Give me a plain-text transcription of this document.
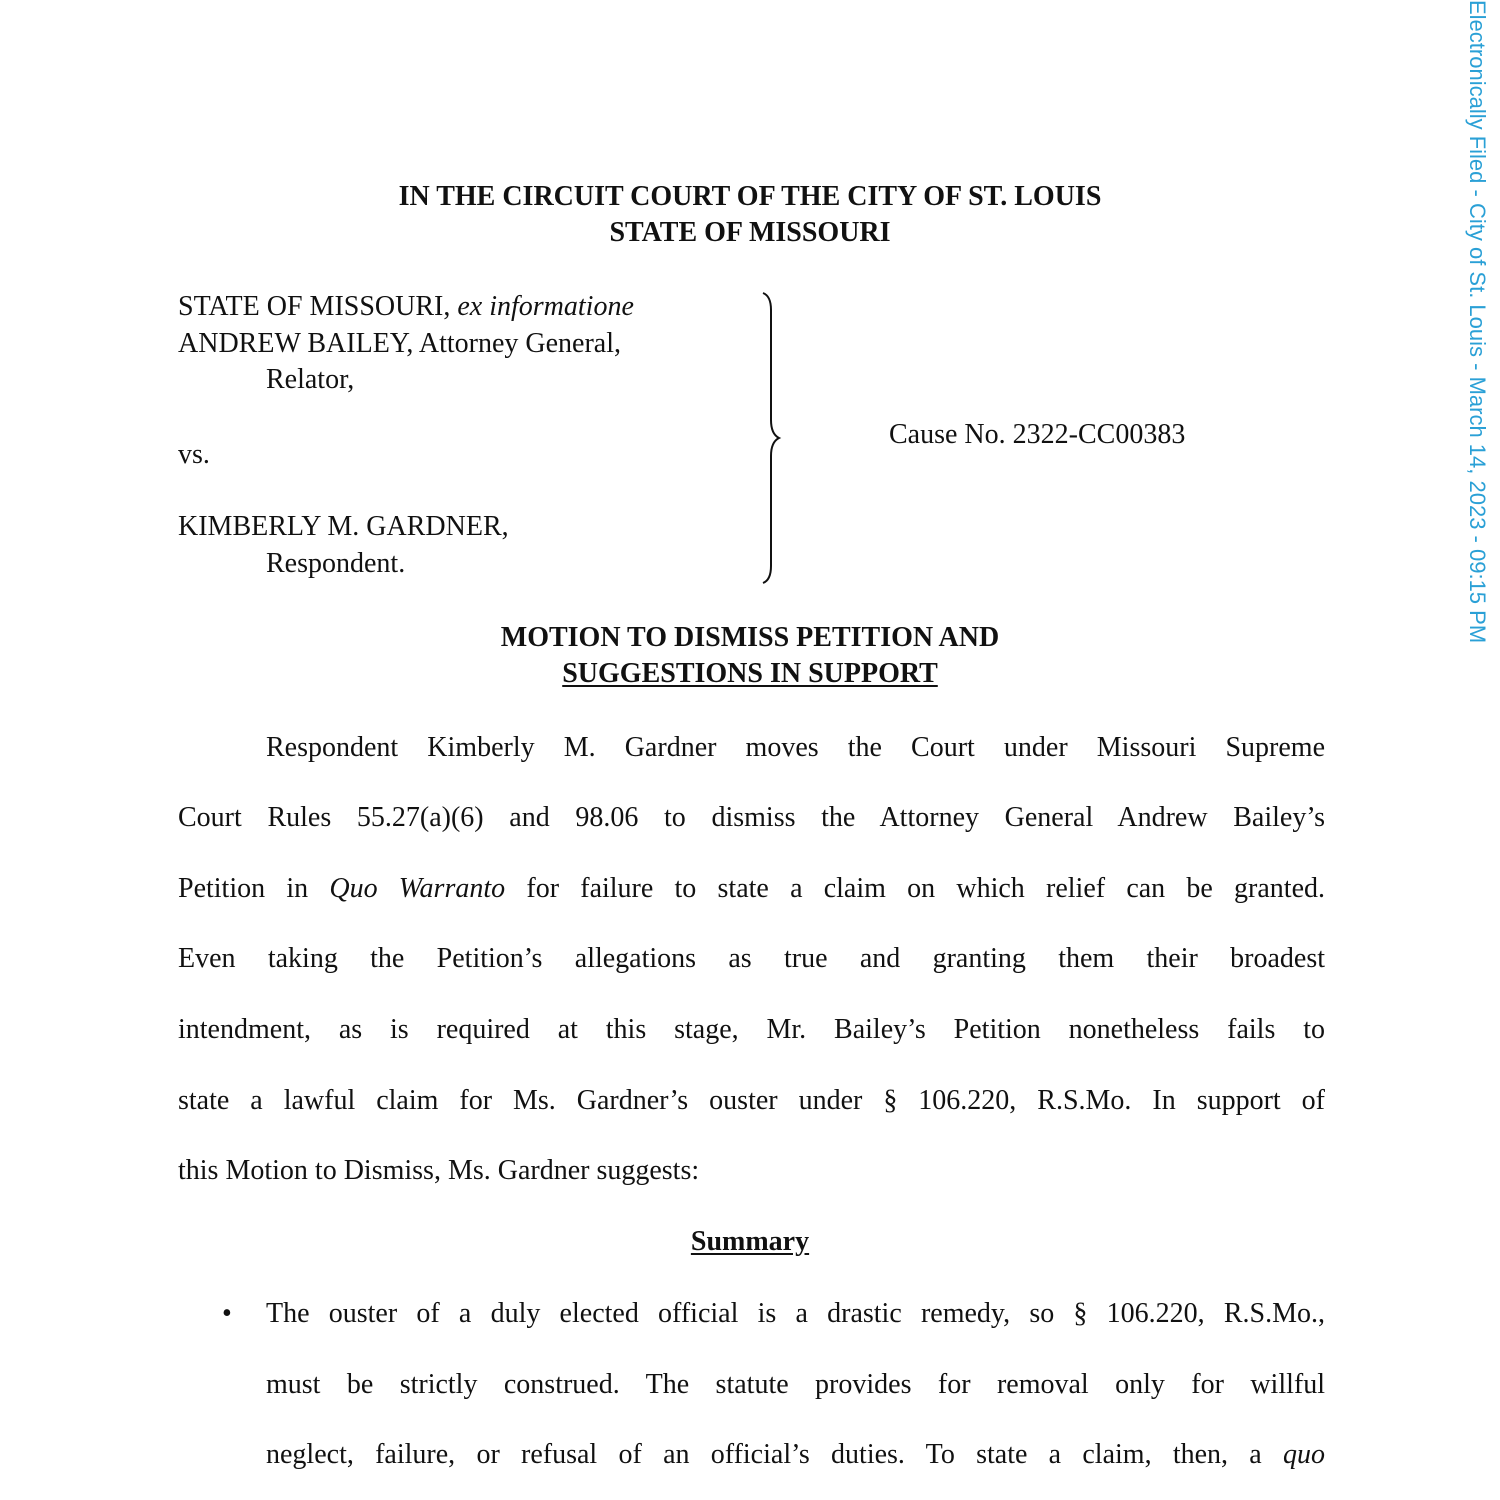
Electronically Filed - City of St. Louis - March 14, 2023 - 09:15 PM
IN THE CIRCUIT COURT OF THE CITY OF ST. LOUIS
STATE OF MISSOURI
STATE OF MISSOURI, ex informatione
ANDREW BAILEY, Attorney General,
Relator,
vs.
KIMBERLY M. GARDNER,
Respondent.
Cause No. 2322-CC00383
MOTION TO DISMISS PETITION AND
SUGGESTIONS IN SUPPORT
Respondent Kimberly M. Gardner moves the Court under Missouri Supreme
Court Rules 55.27(a)(6) and 98.06 to dismiss the Attorney General Andrew Bailey’s
Petition in Quo Warranto for failure to state a claim on which relief can be granted.
Even taking the Petition’s allegations as true and granting them their broadest
intendment, as is required at this stage, Mr. Bailey’s Petition nonetheless fails to
state a lawful claim for Ms. Gardner’s ouster under § 106.220, R.S.Mo. In support of
this Motion to Dismiss, Ms. Gardner suggests:
Summary
• The ouster of a duly elected official is a drastic remedy, so § 106.220, R.S.Mo.,
must be strictly construed. The statute provides for removal only for willful
neglect, failure, or refusal of an official’s duties. To state a claim, then, a quo
